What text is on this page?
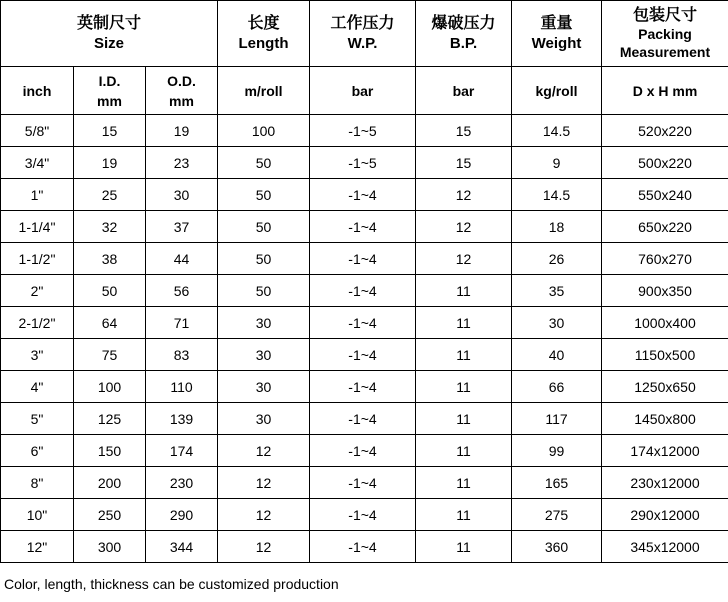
英制尺寸
Size			长度
Length	工作压力
W.P.	爆破压力
B.P.	重量
Weight	包装尺寸
Packing
Measurement

inch	I.D.
mm	O.D.
mm	m/roll	bar	bar	kg/roll	D x H mm
5/8"	15	19	100	-1~5	15	14.5	520x220
3/4"	19	23	50	-1~5	15	9	500x220
1"	25	30	50	-1~4	12	14.5	550x240
1-1/4"	32	37	50	-1~4	12	18	650x220
1-1/2"	38	44	50	-1~4	12	26	760x270
2"	50	56	50	-1~4	11	35	900x350
2-1/2"	64	71	30	-1~4	11	30	1000x400
3"	75	83	30	-1~4	11	40	1150x500
4"	100	110	30	-1~4	11	66	1250x650
5"	125	139	30	-1~4	11	117	1450x800
6"	150	174	12	-1~4	11	99	174x12000
8"	200	230	12	-1~4	11	165	230x12000
10"	250	290	12	-1~4	11	275	290x12000
12"	300	344	12	-1~4	11	360	345x12000
Color, length, thickness can be customized production
